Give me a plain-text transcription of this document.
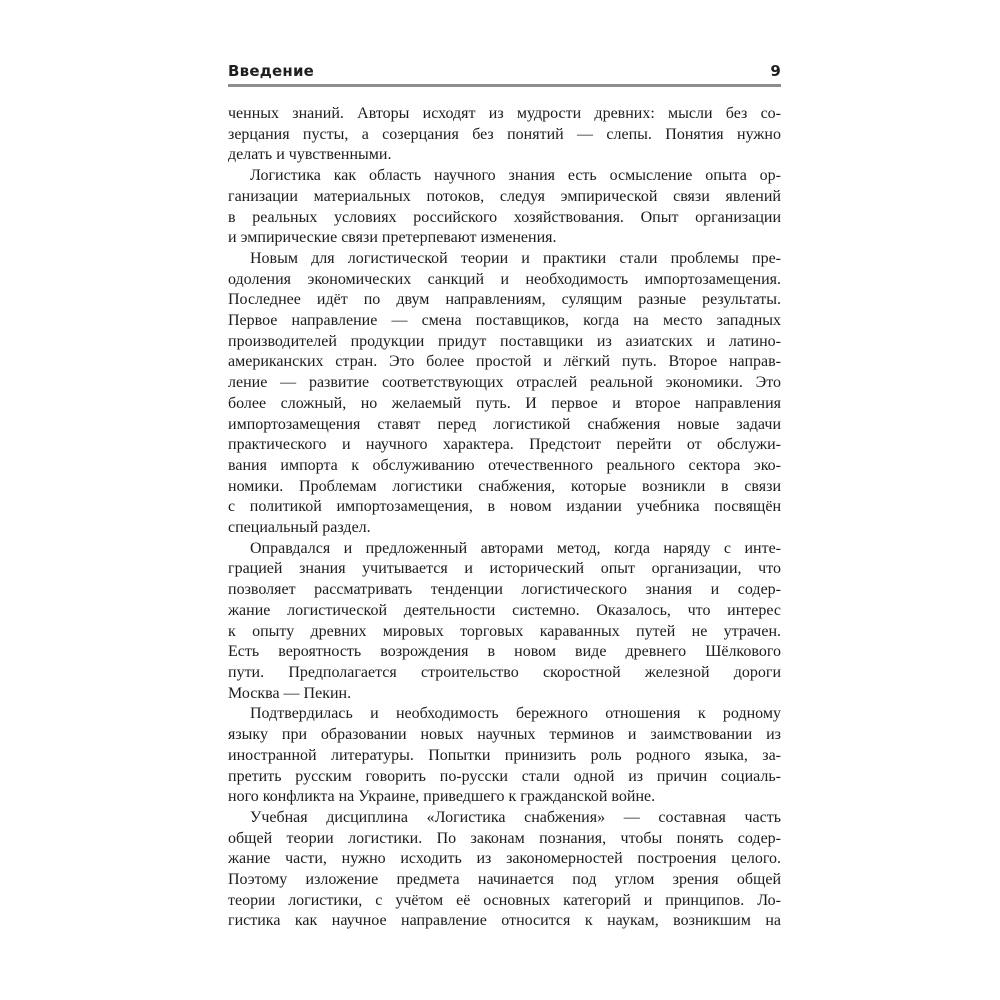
Введение	9
ченных знаний. Авторы исходят из мудрости древних: мысли без со-
зерцания пусты, а созерцания без понятий — слепы. Понятия нужно
делать и чувственными.
Логистика как область научного знания есть осмысление опыта ор-
ганизации материальных потоков, следуя эмпирической связи явлений
в реальных условиях российского хозяйствования. Опыт организации
и эмпирические связи претерпевают изменения.
Новым для логистической теории и практики стали проблемы пре-
одоления экономических санкций и необходимость импортозамещения.
Последнее идёт по двум направлениям, сулящим разные результаты.
Первое направление — смена поставщиков, когда на место западных
производителей продукции придут поставщики из азиатских и латино-
американских стран. Это более простой и лёгкий путь. Второе направ-
ление — развитие соответствующих отраслей реальной экономики. Это
более сложный, но желаемый путь. И первое и второе направления
импортозамещения ставят перед логистикой снабжения новые задачи
практического и научного характера. Предстоит перейти от обслужи-
вания импорта к обслуживанию отечественного реального сектора эко-
номики. Проблемам логистики снабжения, которые возникли в связи
с политикой импортозамещения, в новом издании учебника посвящён
специальный раздел.
Оправдался и предложенный авторами метод, когда наряду с инте-
грацией знания учитывается и исторический опыт организации, что
позволяет рассматривать тенденции логистического знания и содер-
жание логистической деятельности системно. Оказалось, что интерес
к опыту древних мировых торговых караванных путей не утрачен.
Есть вероятность возрождения в новом виде древнего Шёлкового
пути. Предполагается строительство скоростной железной дороги
Москва — Пекин.
Подтвердилась и необходимость бережного отношения к родному
языку при образовании новых научных терминов и заимствовании из
иностранной литературы. Попытки принизить роль родного языка, за-
претить русским говорить по-русски стали одной из причин социаль-
ного конфликта на Украине, приведшего к гражданской войне.
Учебная дисциплина «Логистика снабжения» — составная часть
общей теории логистики. По законам познания, чтобы понять содер-
жание части, нужно исходить из закономерностей построения целого.
Поэтому изложение предмета начинается под углом зрения общей
теории логистики, с учётом её основных категорий и принципов. Ло-
гистика как научное направление относится к наукам, возникшим на
